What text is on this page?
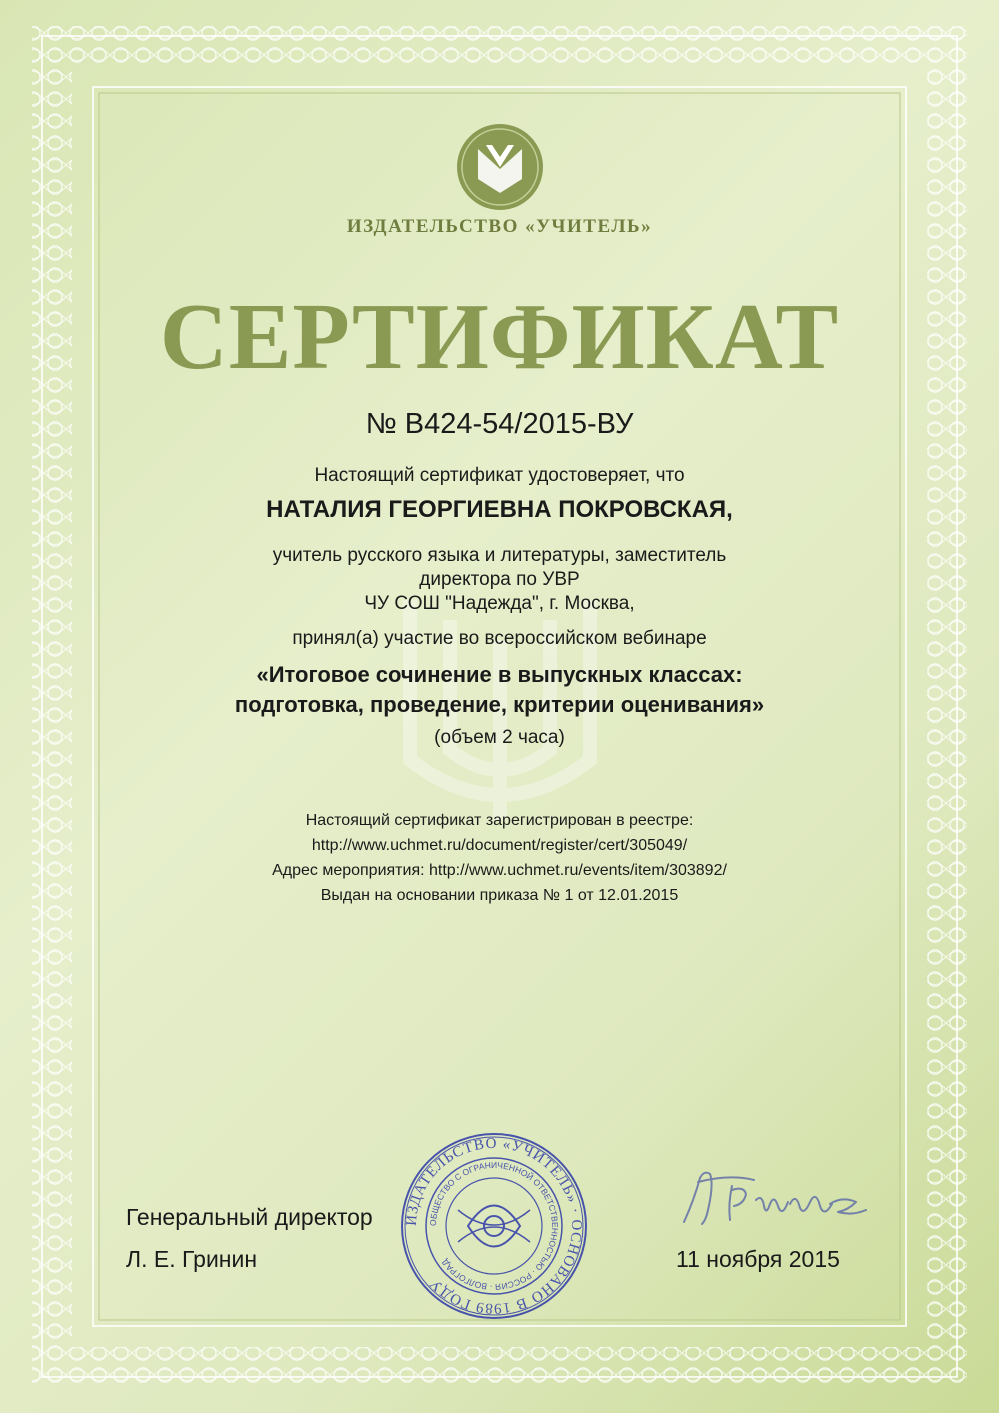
ИЗДАТЕЛЬСТВО «УЧИТЕЛЬ»
СЕРТИФИКАТ
№ В424-54/2015-ВУ
Настоящий сертификат удостоверяет, что
НАТАЛИЯ ГЕОРГИЕВНА ПОКРОВСКАЯ,
учитель русского языка и литературы, заместитель
директора по УВР
ЧУ СОШ "Надежда", г. Москва,
принял(а) участие во всероссийском вебинаре
«Итоговое сочинение в выпускных классах:
подготовка, проведение, критерии оценивания»
(объем 2 часа)
Настоящий сертификат зарегистрирован в реестре:
http://www.uchmet.ru/document/register/cert/305049/
Адрес мероприятия: http://www.uchmet.ru/events/item/303892/
Выдан на основании приказа № 1 от 12.01.2015
Генеральный директор
Л. Е. Гринин	11 ноября 2015
ИЗДАТЕЛЬСТВО «УЧИТЕЛЬ» · ОСНОВАНО В 1989 ГОДУ
ОБЩЕСТВО С ОГРАНИЧЕННОЙ ОТВЕТСТВЕННОСТЬЮ · РОССИЯ · ВОЛГОГРАД
